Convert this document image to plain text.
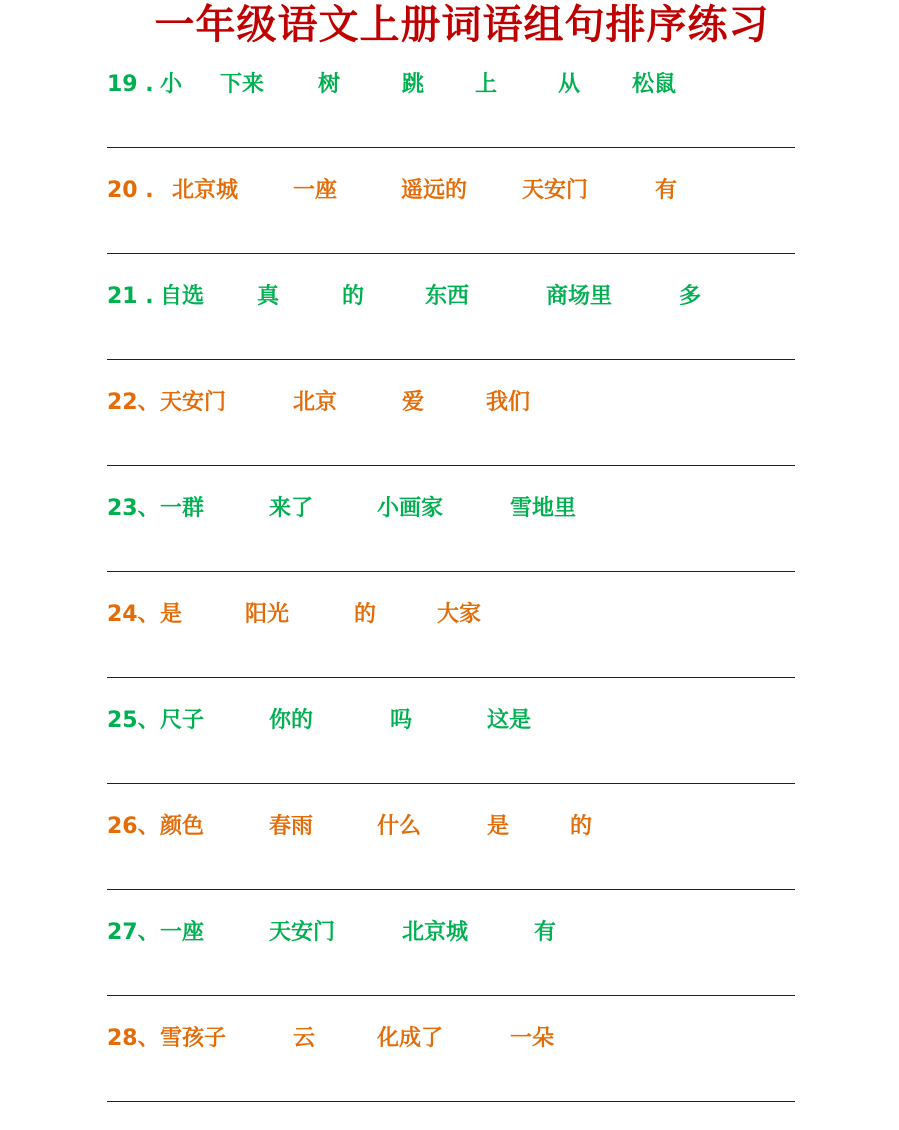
一年级语文上册词语组句排序练习
19 . 小 下来 树	跳 上	从 松鼠
20 . 北京城 一座	遥远的 天安门	有
21 . 自选 真	的	东西	商场里	多
22、 天安门	北京	爱	我们
23、 一群	来了	小画家	雪地里
24、 是	阳光	的	大家
25、 尺子	你的	吗	这是
26、 颜色	春雨	什么	是	的
27、 一座	天安门	北京城	有
28、 雪孩子	云	化成了	一朵
